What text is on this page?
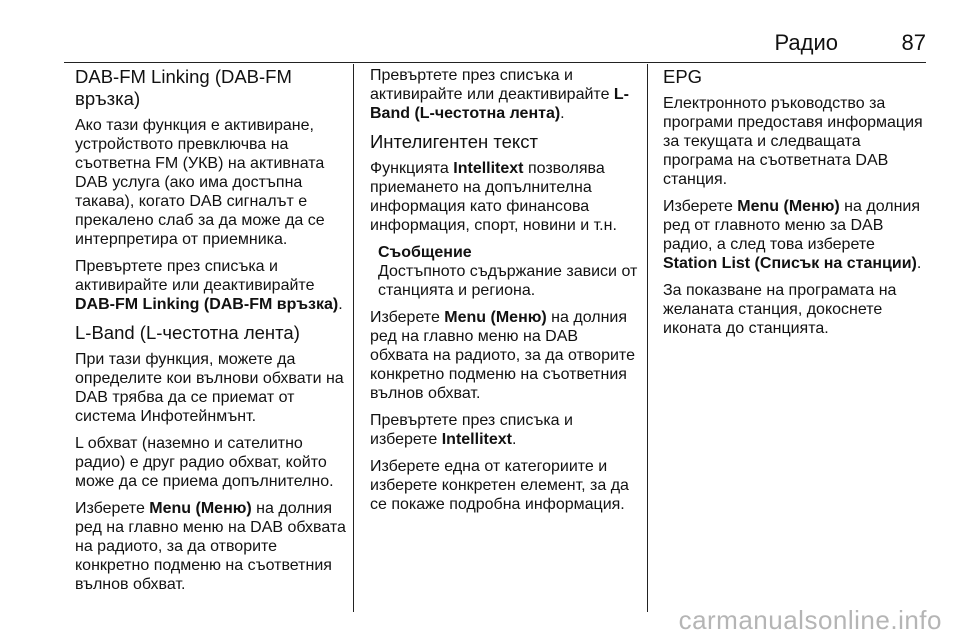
Радио	87
DAB-FM Linking (DAB-FM връзка)

Ако тази функция е активиране, устройството превключва на съответна FM (УКВ) на активната DAB услуга (ако има достъпна такава), когато DAB сигналът е прекалено слаб за да може да се интерпретира от приемника.

Превъртете през списъка и активирайте или деактивирайте DAB-FM Linking (DAB-FM връзка).

L-Band (L-честотна лента)

При тази функция, можете да определите кои вълнови обхвати на DAB трябва да се приемат от система Инфотейнмънт.

L обхват (наземно и сателитно радио) е друг радио обхват, който може да се приема допълнително.

Изберете Menu (Меню) на долния ред на главно меню на DAB обхвата на радиото, за да отворите конкретно подменю на съответния вълнов обхват.

Превъртете през списъка и активирайте или деактивирайте L-Band (L-честотна лента).

Интелигентен текст

Функцията Intellitext позволява приемането на допълнителна информация като финансова информация, спорт, новини и т.н.

Съобщение
Достъпното съдържание зависи от станцията и региона.

Изберете Menu (Меню) на долния ред на главно меню на DAB обхвата на радиото, за да отворите конкретно подменю на съответния вълнов обхват.

Превъртете през списъка и изберете Intellitext.

Изберете една от категориите и изберете конкретен елемент, за да се покаже подробна информация.

EPG

Електронното ръководство за програми предоставя информация за текущата и следващата програма на съответната DAB станция.

Изберете Menu (Меню) на долния ред от главното меню за DAB радио, а след това изберете Station List (Списък на станции).

За показване на програмата на желаната станция, докоснете иконата до станцията.

carmanualsonline.info
